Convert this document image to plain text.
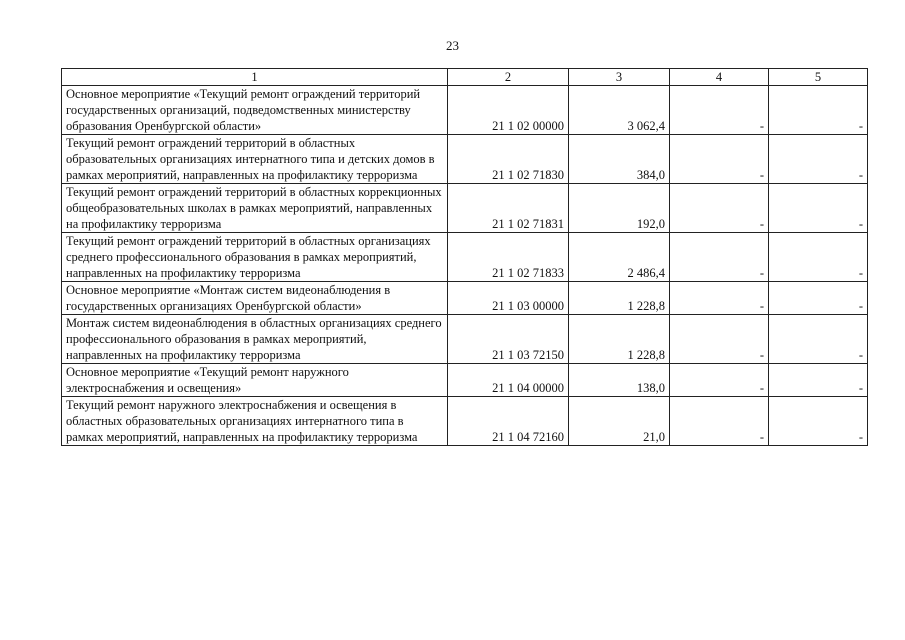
23
1	2	3	4	5
Основное мероприятие «Текущий ремонт ограждений территорий государственных организаций, подведомственных министерству образования Оренбургской области»	21 1 02 00000	3 062,4	-	-
Текущий ремонт ограждений территорий в областных образовательных организациях интернатного типа и детских домов в рамках мероприятий, направленных на профилактику терроризма	21 1 02 71830	384,0	-	-
Текущий ремонт ограждений территорий в областных коррекционных общеобразовательных школах в рамках мероприятий, направленных на профилактику терроризма	21 1 02 71831	192,0	-	-
Текущий ремонт ограждений территорий в областных организациях среднего профессионального образования в рамках мероприятий, направленных на профилактику терроризма	21 1 02 71833	2 486,4	-	-
Основное мероприятие «Монтаж систем видеонаблюдения в государственных организациях Оренбургской области»	21 1 03 00000	1 228,8	-	-
Монтаж систем видеонаблюдения в областных организациях среднего профессионального образования в рамках мероприятий, направленных на профилактику терроризма	21 1 03 72150	1 228,8	-	-
Основное мероприятие «Текущий ремонт наружного электроснабжения и освещения»	21 1 04 00000	138,0	-	-
Текущий ремонт наружного электроснабжения и освещения в областных образовательных организациях интернатного типа в рамках мероприятий, направленных на профилактику терроризма	21 1 04 72160	21,0	-	-
